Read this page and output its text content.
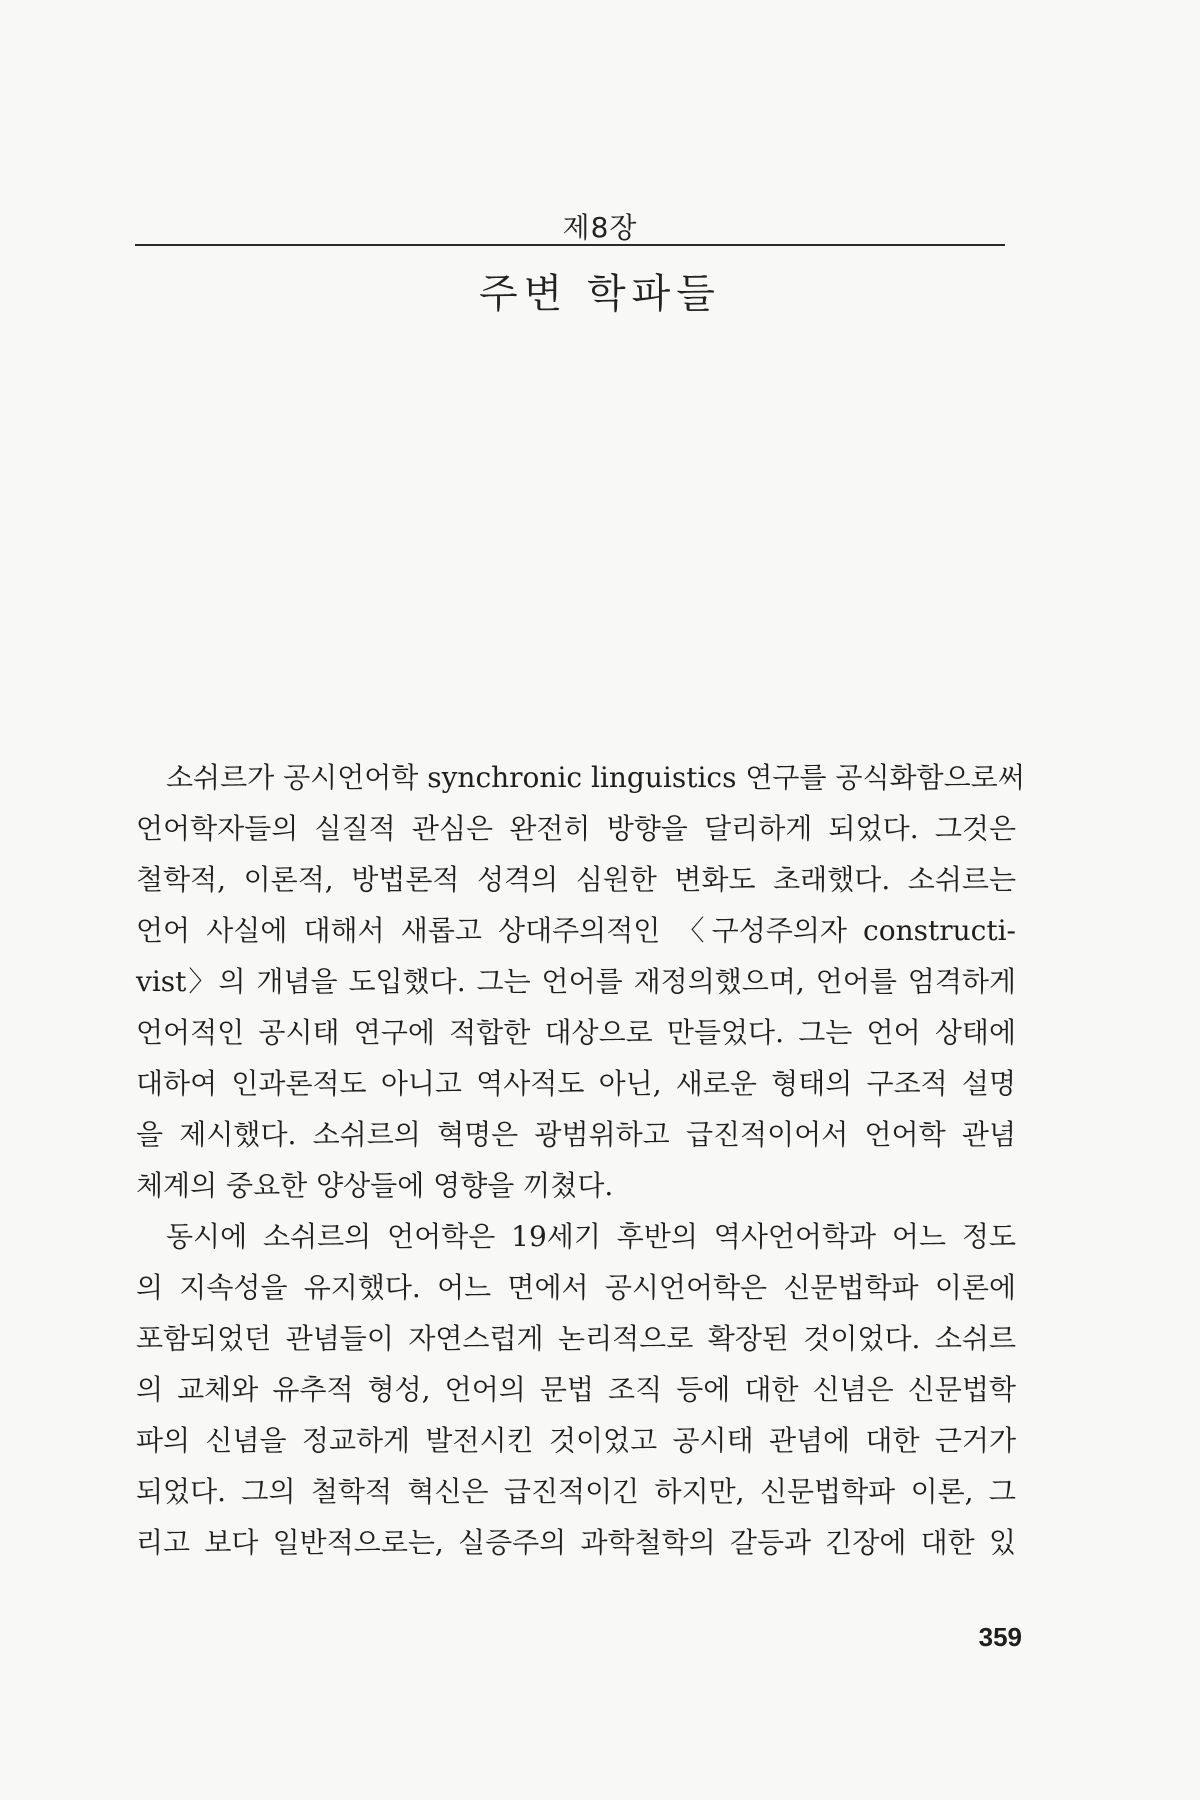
제8장
주변 학파들
소쉬르가 공시언어학 synchronic linguistics 연구를 공식화함으로써
언어학자들의 실질적 관심은 완전히 방향을 달리하게 되었다. 그것은
철학적, 이론적, 방법론적 성격의 심원한 변화도 초래했다. 소쉬르는
언어 사실에 대해서 새롭고 상대주의적인 〈구성주의자 constructi-
vist〉의 개념을 도입했다. 그는 언어를 재정의했으며, 언어를 엄격하게
언어적인 공시태 연구에 적합한 대상으로 만들었다. 그는 언어 상태에
대하여 인과론적도 아니고 역사적도 아닌, 새로운 형태의 구조적 설명
을 제시했다. 소쉬르의 혁명은 광범위하고 급진적이어서 언어학 관념
체계의 중요한 양상들에 영향을 끼쳤다.
동시에 소쉬르의 언어학은 19세기 후반의 역사언어학과 어느 정도
의 지속성을 유지했다. 어느 면에서 공시언어학은 신문법학파 이론에
포함되었던 관념들이 자연스럽게 논리적으로 확장된 것이었다. 소쉬르
의 교체와 유추적 형성, 언어의 문법 조직 등에 대한 신념은 신문법학
파의 신념을 정교하게 발전시킨 것이었고 공시태 관념에 대한 근거가
되었다. 그의 철학적 혁신은 급진적이긴 하지만, 신문법학파 이론, 그
리고 보다 일반적으로는, 실증주의 과학철학의 갈등과 긴장에 대한 있
359
